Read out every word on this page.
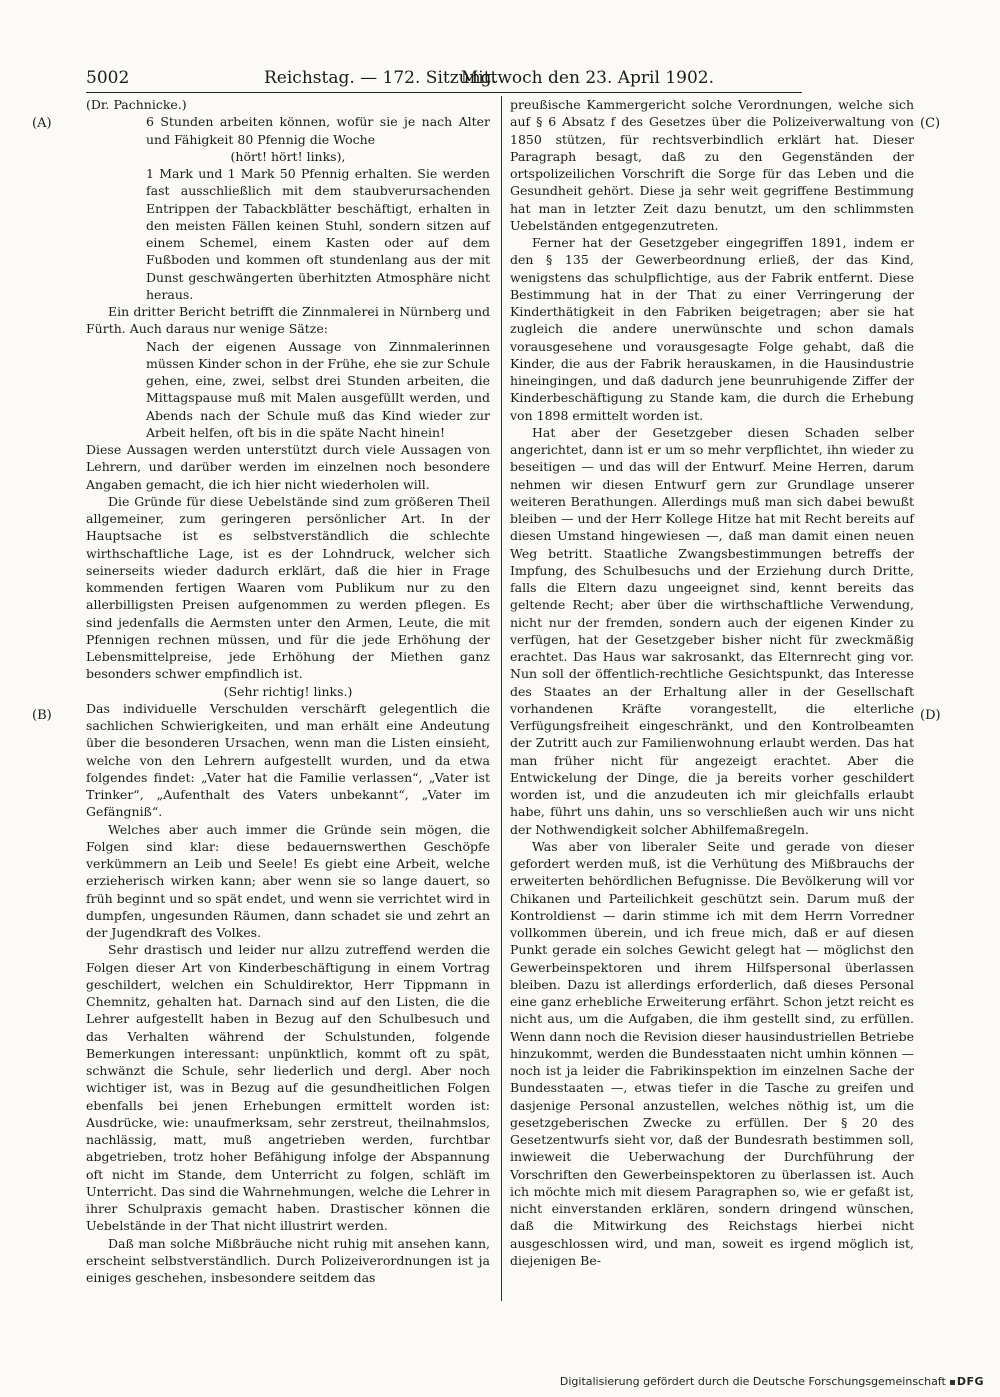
5002	Reichstag. — 172. Sitzung.
Mittwoch den 23. April 1902.
(A)
(B)
(C)
(D)

(Dr. Pachnicke.)

6 Stunden arbeiten können, wofür sie je nach Alter und Fähigkeit 80 Pfennig die Woche

(hört! hört! links),

1 Mark und 1 Mark 50 Pfennig erhalten. Sie werden fast ausschließlich mit dem staubverursachenden Entrippen der Tabackblätter beschäftigt, erhalten in den meisten Fällen keinen Stuhl, sondern sitzen auf einem Schemel, einem Kasten oder auf dem Fußboden und kommen oft stundenlang aus der mit Dunst geschwängerten überhitzten Atmosphäre nicht heraus.

Ein dritter Bericht betrifft die Zinnmalerei in Nürnberg und Fürth. Auch daraus nur wenige Sätze:

Nach der eigenen Aussage von Zinnmalerinnen müssen Kinder schon in der Frühe, ehe sie zur Schule gehen, eine, zwei, selbst drei Stunden arbeiten, die Mittagspause muß mit Malen ausgefüllt werden, und Abends nach der Schule muß das Kind wieder zur Arbeit helfen, oft bis in die späte Nacht hinein!

Diese Aussagen werden unterstützt durch viele Aussagen von Lehrern, und darüber werden im einzelnen noch besondere Angaben gemacht, die ich hier nicht wiederholen will.

Die Gründe für diese Uebelstände sind zum größeren Theil allgemeiner, zum geringeren persönlicher Art. In der Hauptsache ist es selbstverständlich die schlechte wirthschaftliche Lage, ist es der Lohndruck, welcher sich seinerseits wieder dadurch erklärt, daß die hier in Frage kommenden fertigen Waaren vom Publikum nur zu den allerbilligsten Preisen aufgenommen zu werden pflegen. Es sind jedenfalls die Aermsten unter den Armen, Leute, die mit Pfennigen rechnen müssen, und für die jede Erhöhung der Lebensmittelpreise, jede Erhöhung der Miethen ganz besonders schwer empfindlich ist.

(Sehr richtig! links.)

Das individuelle Verschulden verschärft gelegentlich die sachlichen Schwierigkeiten, und man erhält eine Andeutung über die besonderen Ursachen, wenn man die Listen einsieht, welche von den Lehrern aufgestellt wurden, und da etwa folgendes findet: „Vater hat die Familie verlassen“, „Vater ist Trinker“, „Aufenthalt des Vaters unbekannt“, „Vater im Gefängniß“.

Welches aber auch immer die Gründe sein mögen, die Folgen sind klar: diese bedauernswerthen Geschöpfe verkümmern an Leib und Seele! Es giebt eine Arbeit, welche erzieherisch wirken kann; aber wenn sie so lange dauert, so früh beginnt und so spät endet, und wenn sie verrichtet wird in dumpfen, ungesunden Räumen, dann schadet sie und zehrt an der Jugendkraft des Volkes.

Sehr drastisch und leider nur allzu zutreffend werden die Folgen dieser Art von Kinderbeschäftigung in einem Vortrag geschildert, welchen ein Schuldirektor, Herr Tippmann in Chemnitz, gehalten hat. Darnach sind auf den Listen, die die Lehrer aufgestellt haben in Bezug auf den Schulbesuch und das Verhalten während der Schulstunden, folgende Bemerkungen interessant: unpünktlich, kommt oft zu spät, schwänzt die Schule, sehr liederlich und dergl. Aber noch wichtiger ist, was in Bezug auf die gesundheitlichen Folgen ebenfalls bei jenen Erhebungen ermittelt worden ist: Ausdrücke, wie: unaufmerksam, sehr zerstreut, theilnahmslos, nachlässig, matt, muß angetrieben werden, furchtbar abgetrieben, trotz hoher Befähigung infolge der Abspannung oft nicht im Stande, dem Unterricht zu folgen, schläft im Unterricht. Das sind die Wahrnehmungen, welche die Lehrer in ihrer Schulpraxis gemacht haben. Drastischer können die Uebelstände in der That nicht illustrirt werden.

Daß man solche Mißbräuche nicht ruhig mit ansehen kann, erscheint selbstverständlich. Durch Polizeiverordnungen ist ja einiges geschehen, insbesondere seitdem das

preußische Kammergericht solche Verordnungen, welche sich auf § 6 Absatz f des Gesetzes über die Polizeiverwaltung von 1850 stützen, für rechtsverbindlich erklärt hat. Dieser Paragraph besagt, daß zu den Gegenständen der ortspolizeilichen Vorschrift die Sorge für das Leben und die Gesundheit gehört. Diese ja sehr weit gegriffene Bestimmung hat man in letzter Zeit dazu benutzt, um den schlimmsten Uebelständen entgegenzutreten.

Ferner hat der Gesetzgeber eingegriffen 1891, indem er den § 135 der Gewerbeordnung erließ, der das Kind, wenigstens das schulpflichtige, aus der Fabrik entfernt. Diese Bestimmung hat in der That zu einer Verringerung der Kinderthätigkeit in den Fabriken beigetragen; aber sie hat zugleich die andere unerwünschte und schon damals vorausgesehene und vorausgesagte Folge gehabt, daß die Kinder, die aus der Fabrik herauskamen, in die Hausindustrie hineingingen, und daß dadurch jene beunruhigende Ziffer der Kinderbeschäftigung zu Stande kam, die durch die Erhebung von 1898 ermittelt worden ist.

Hat aber der Gesetzgeber diesen Schaden selber angerichtet, dann ist er um so mehr verpflichtet, ihn wieder zu beseitigen — und das will der Entwurf. Meine Herren, darum nehmen wir diesen Entwurf gern zur Grundlage unserer weiteren Berathungen. Allerdings muß man sich dabei bewußt bleiben — und der Herr Kollege Hitze hat mit Recht bereits auf diesen Umstand hingewiesen —, daß man damit einen neuen Weg betritt. Staatliche Zwangsbestimmungen betreffs der Impfung, des Schulbesuchs und der Erziehung durch Dritte, falls die Eltern dazu ungeeignet sind, kennt bereits das geltende Recht; aber über die wirthschaftliche Verwendung, nicht nur der fremden, sondern auch der eigenen Kinder zu verfügen, hat der Gesetzgeber bisher nicht für zweckmäßig erachtet. Das Haus war sakrosankt, das Elternrecht ging vor. Nun soll der öffentlich-rechtliche Gesichtspunkt, das Interesse des Staates an der Erhaltung aller in der Gesellschaft vorhandenen Kräfte vorangestellt, die elterliche Verfügungsfreiheit eingeschränkt, und den Kontrolbeamten der Zutritt auch zur Familienwohnung erlaubt werden. Das hat man früher nicht für angezeigt erachtet. Aber die Entwickelung der Dinge, die ja bereits vorher geschildert worden ist, und die anzudeuten ich mir gleichfalls erlaubt habe, führt uns dahin, uns so verschließen auch wir uns nicht der Nothwendigkeit solcher Abhilfemaßregeln.

Was aber von liberaler Seite und gerade von dieser gefordert werden muß, ist die Verhütung des Mißbrauchs der erweiterten behördlichen Befugnisse. Die Bevölkerung will vor Chikanen und Parteilichkeit geschützt sein. Darum muß der Kontroldienst — darin stimme ich mit dem Herrn Vorredner vollkommen überein, und ich freue mich, daß er auf diesen Punkt gerade ein solches Gewicht gelegt hat — möglichst den Gewerbeinspektoren und ihrem Hilfspersonal überlassen bleiben. Dazu ist allerdings erforderlich, daß dieses Personal eine ganz erhebliche Erweiterung erfährt. Schon jetzt reicht es nicht aus, um die Aufgaben, die ihm gestellt sind, zu erfüllen. Wenn dann noch die Revision dieser hausindustriellen Betriebe hinzukommt, werden die Bundesstaaten nicht umhin können — noch ist ja leider die Fabrikinspektion im einzelnen Sache der Bundesstaaten —, etwas tiefer in die Tasche zu greifen und dasjenige Personal anzustellen, welches nöthig ist, um die gesetzgeberischen Zwecke zu erfüllen. Der § 20 des Gesetzentwurfs sieht vor, daß der Bundesrath bestimmen soll, inwieweit die Ueberwachung der Durchführung der Vorschriften den Gewerbeinspektoren zu überlassen ist. Auch ich möchte mich mit diesem Paragraphen so, wie er gefaßt ist, nicht einverstanden erklären, sondern dringend wünschen, daß die Mitwirkung des Reichstags hierbei nicht ausgeschlossen wird, und man, soweit es irgend möglich ist, diejenigen Be-

Digitalisierung gefördert durch die Deutsche Forschungsgemeinschaft DFG
